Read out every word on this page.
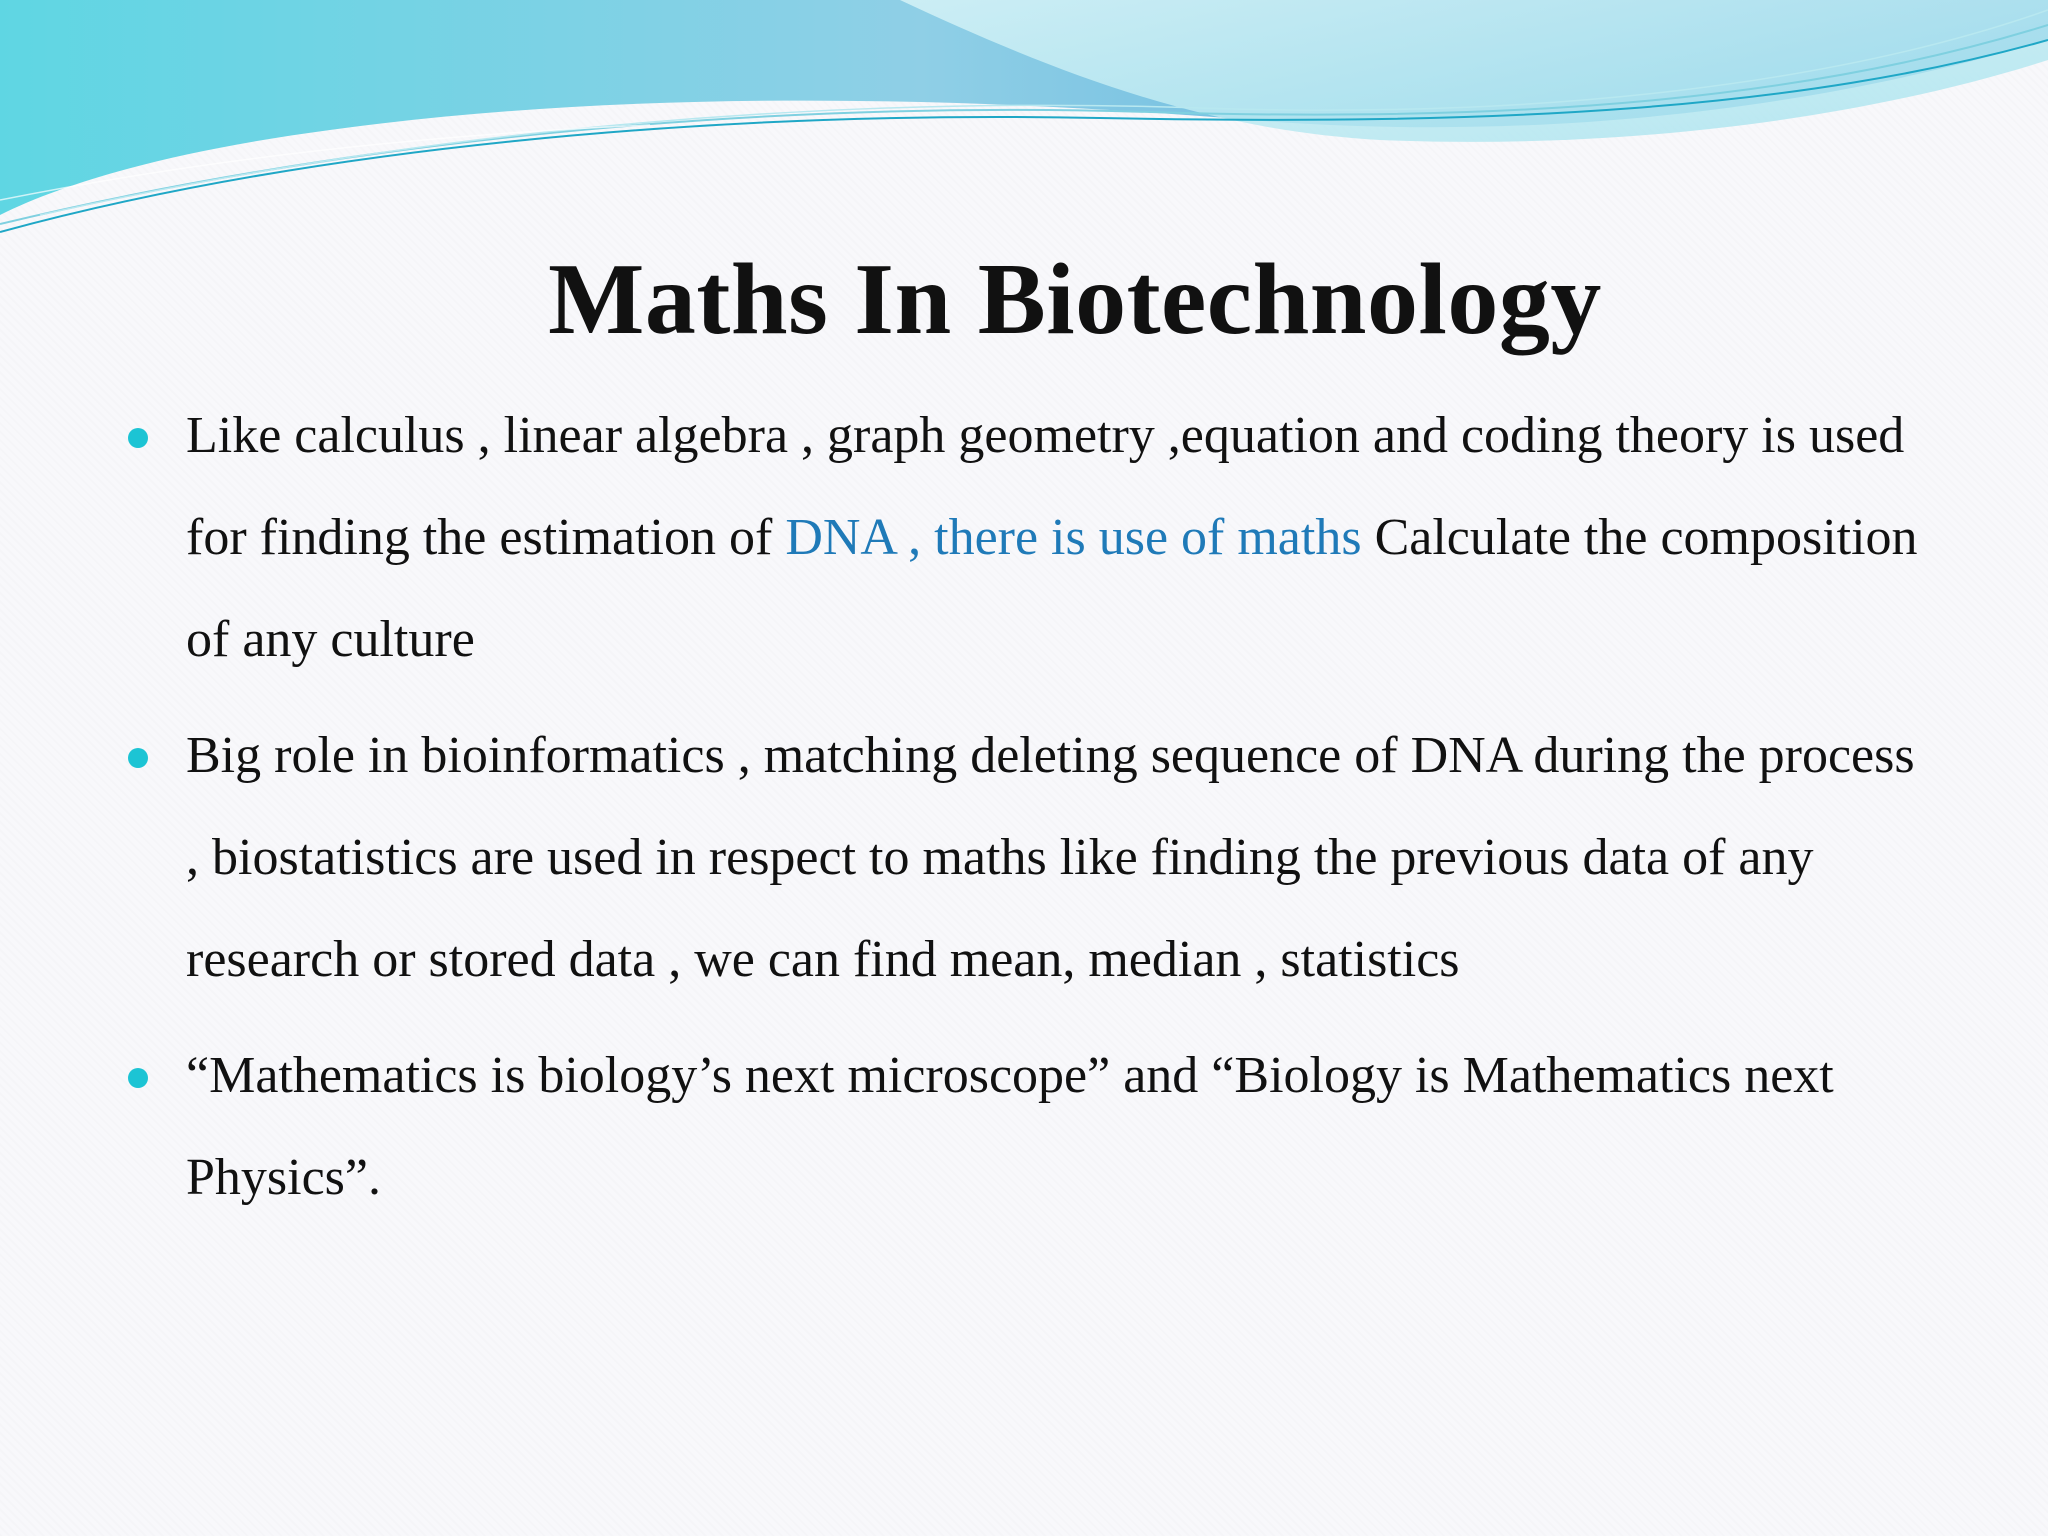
Maths In Biotechnology
Like calculus , linear algebra , graph geometry ,equation and coding theory is used for finding the estimation of DNA , there is use of maths Calculate the composition of any culture
Big role in bioinformatics , matching deleting sequence of DNA during the process , biostatistics are used in respect to maths like finding the previous data of any research or stored data , we can find mean, median , statistics
“Mathematics is biology’s next microscope” and “Biology is Mathematics next Physics”.
